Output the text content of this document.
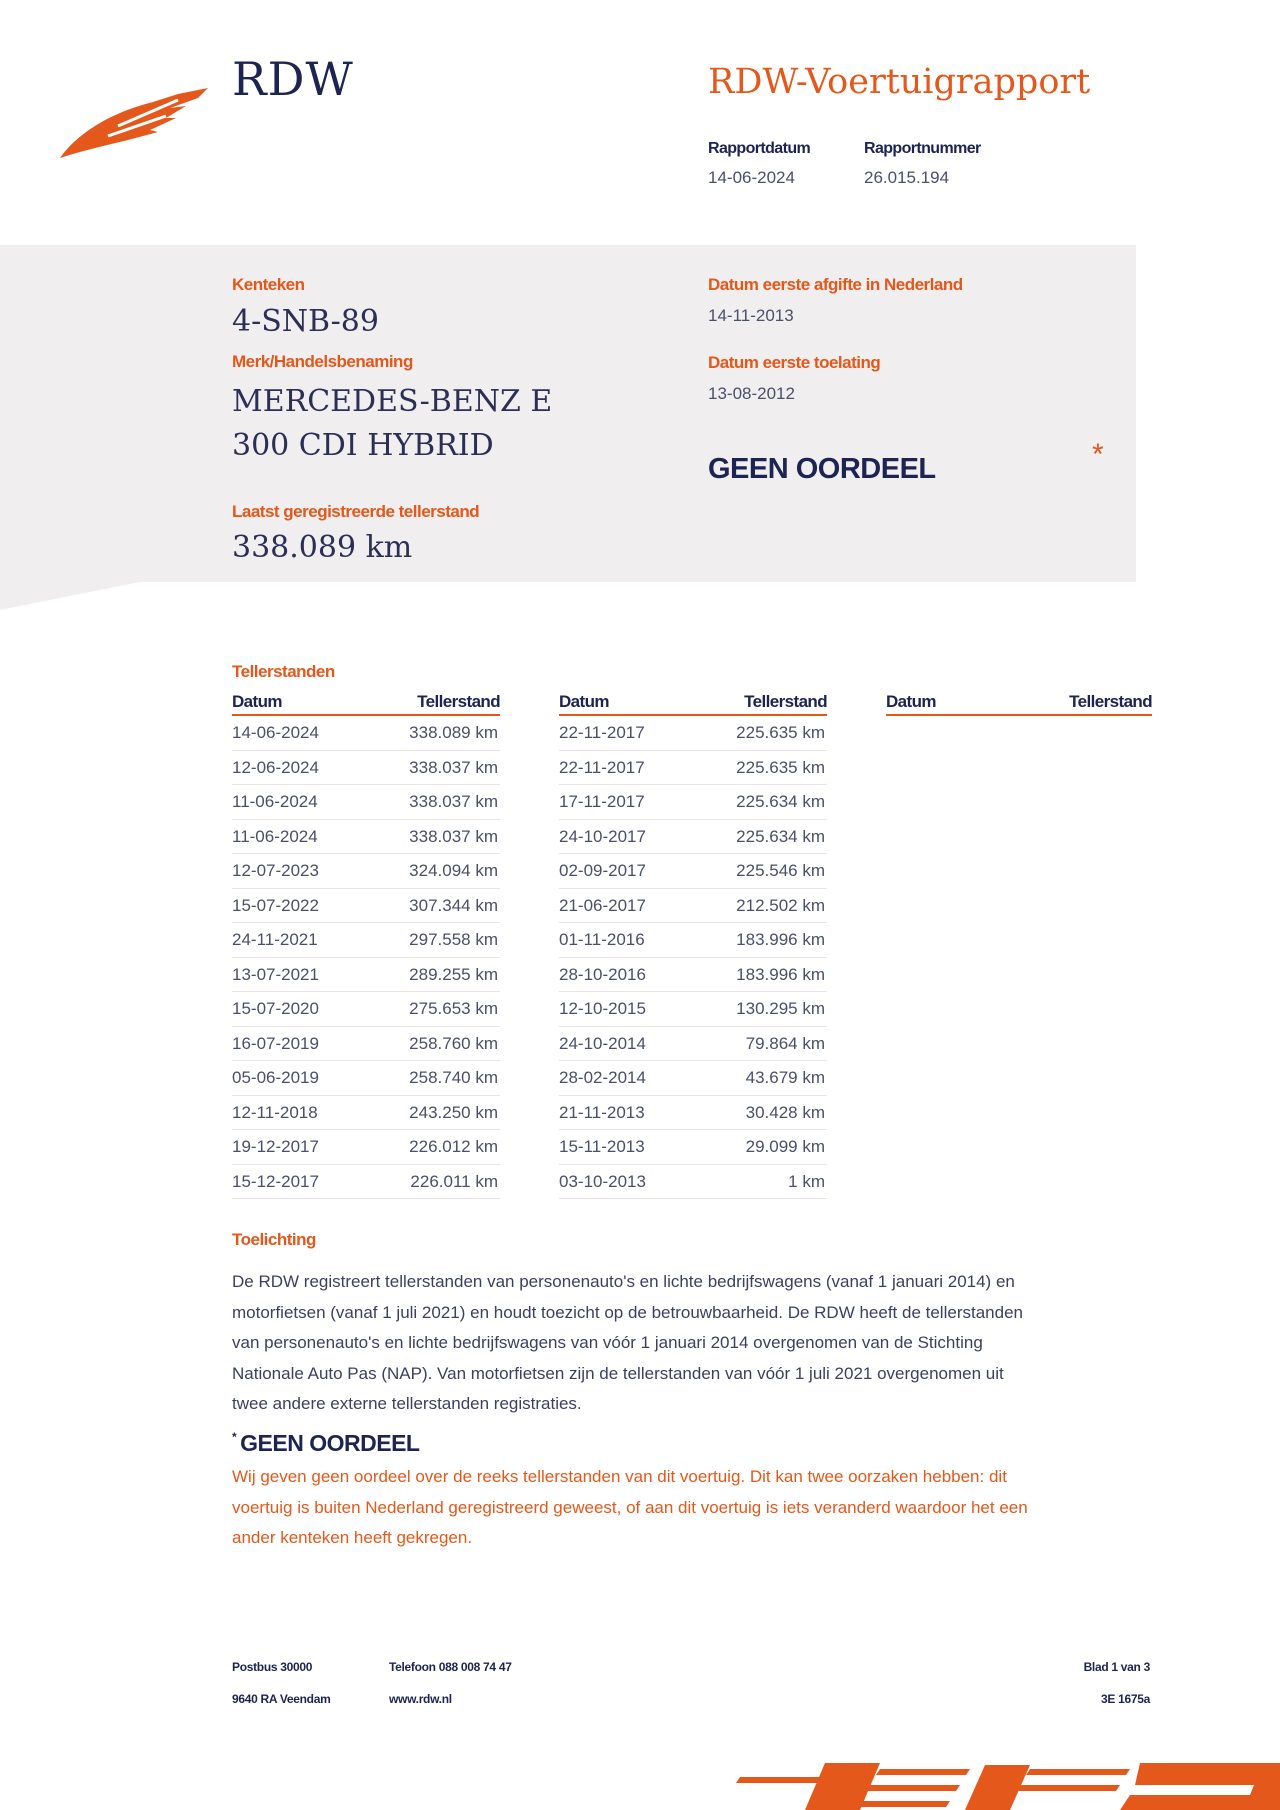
RDW	RDW-Voertuigrapport
Rapportdatum
14-06-2024
Rapportnummer
26.015.194
Kenteken
4-SNB-89
Merk/Handelsbenaming
MERCEDES-BENZ E
300 CDI HYBRID
Laatst geregistreerde tellerstand
338.089 km
Datum eerste afgifte in Nederland
14-11-2013
Datum eerste toelating
13-08-2012
GEEN OORDEEL	*
Tellerstanden
Datum	Tellerstand
14-06-2024	338.089 km
12-06-2024	338.037 km
11-06-2024	338.037 km
11-06-2024	338.037 km
12-07-2023	324.094 km
15-07-2022	307.344 km
24-11-2021	297.558 km
13-07-2021	289.255 km
15-07-2020	275.653 km
16-07-2019	258.760 km
05-06-2019	258.740 km
12-11-2018	243.250 km
19-12-2017	226.012 km
15-12-2017	226.011 km
Datum	Tellerstand
22-11-2017	225.635 km
22-11-2017	225.635 km
17-11-2017	225.634 km
24-10-2017	225.634 km
02-09-2017	225.546 km
21-06-2017	212.502 km
01-11-2016	183.996 km
28-10-2016	183.996 km
12-10-2015	130.295 km
24-10-2014	79.864 km
28-02-2014	43.679 km
21-11-2013	30.428 km
15-11-2013	29.099 km
03-10-2013	1 km
Datum	Tellerstand
Toelichting
De RDW registreert tellerstanden van personenauto's en lichte bedrijfswagens (vanaf 1 januari 2014) en
motorfietsen (vanaf 1 juli 2021) en houdt toezicht op de betrouwbaarheid. De RDW heeft de tellerstanden
van personenauto's en lichte bedrijfswagens van vóór 1 januari 2014 overgenomen van de Stichting
Nationale Auto Pas (NAP). Van motorfietsen zijn de tellerstanden van vóór 1 juli 2021 overgenomen uit
twee andere externe tellerstanden registraties.
* GEEN OORDEEL
Wij geven geen oordeel over de reeks tellerstanden van dit voertuig. Dit kan twee oorzaken hebben: dit
voertuig is buiten Nederland geregistreerd geweest, of aan dit voertuig is iets veranderd waardoor het een
ander kenteken heeft gekregen.
Postbus 30000
9640 RA Veendam
Telefoon 088 008 74 47
www.rdw.nl
Blad 1 van 3
3E 1675a
